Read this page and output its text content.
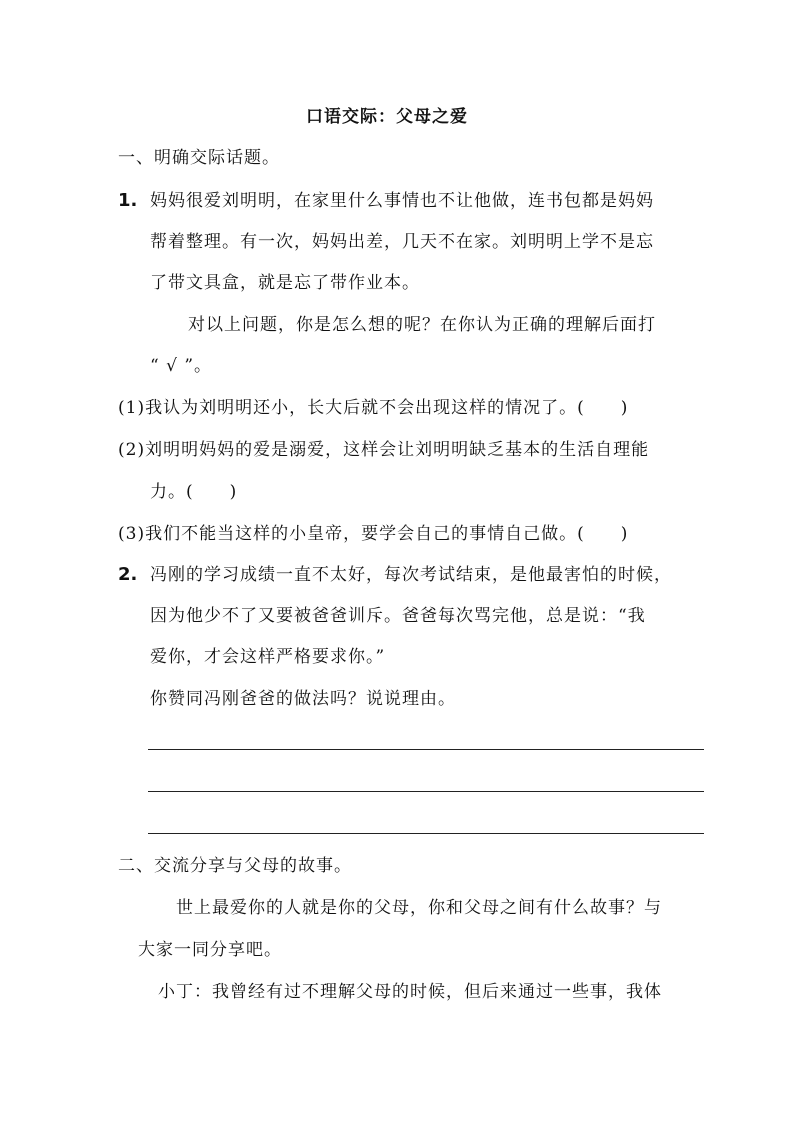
口语交际：父母之爱
一、明确交际话题。
1. 妈妈很爱刘明明，在家里什么事情也不让他做，连书包都是妈妈
帮着整理。有一次，妈妈出差，几天不在家。刘明明上学不是忘
了带文具盒，就是忘了带作业本。
对以上问题，你是怎么想的呢？在你认为正确的理解后面打
“ √ ”。
(1)我认为刘明明还小，长大后就不会出现这样的情况了。(　　)
(2)刘明明妈妈的爱是溺爱，这样会让刘明明缺乏基本的生活自理能
力。(　　)
(3)我们不能当这样的小皇帝，要学会自己的事情自己做。(　　)
2. 冯刚的学习成绩一直不太好，每次考试结束，是他最害怕的时候，
因为他少不了又要被爸爸训斥。爸爸每次骂完他，总是说：“我
爱你，才会这样严格要求你。”
你赞同冯刚爸爸的做法吗？说说理由。
二、交流分享与父母的故事。
世上最爱你的人就是你的父母，你和父母之间有什么故事？与
大家一同分享吧。
小丁：我曾经有过不理解父母的时候，但后来通过一些事，我体
